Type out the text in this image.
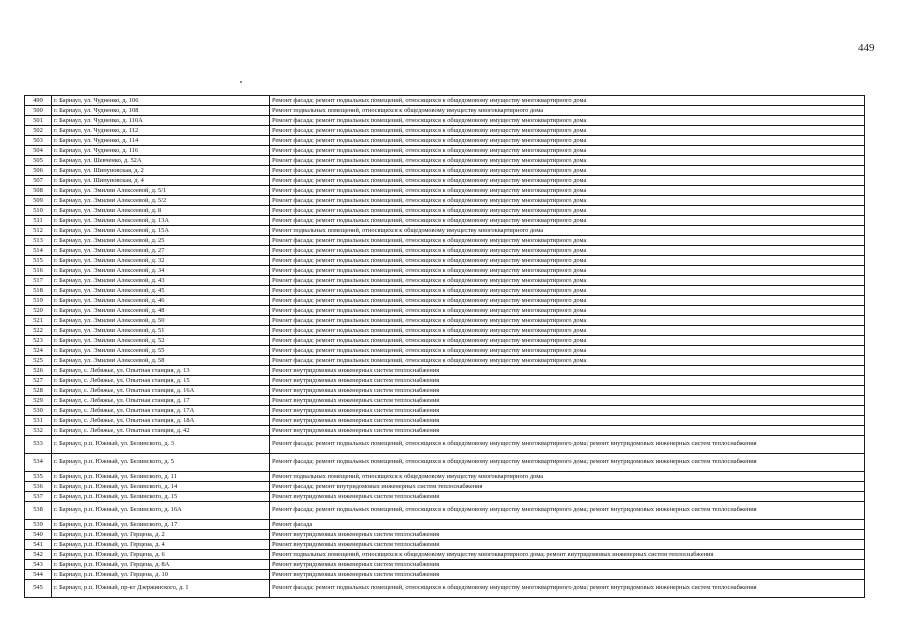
449
499	г. Барнаул, ул. Чудненко, д. 106	Ремонт фасада; ремонт подвальных помещений, относящихся к общедомовому имуществу многоквартирного дома
500	г. Барнаул, ул. Чудненко, д. 108	Ремонт подвальных помещений, относящихся к общедомовому имуществу многоквартирного дома
501	г. Барнаул, ул. Чудненко, д. 110А	Ремонт фасада; ремонт подвальных помещений, относящихся к общедомовому имуществу многоквартирного дома
502	г. Барнаул, ул. Чудненко, д. 112	Ремонт фасада; ремонт подвальных помещений, относящихся к общедомовому имуществу многоквартирного дома
503	г. Барнаул, ул. Чудненко, д. 114	Ремонт фасада; ремонт подвальных помещений, относящихся к общедомовому имуществу многоквартирного дома
504	г. Барнаул, ул. Чудненко, д. 116	Ремонт фасада; ремонт подвальных помещений, относящихся к общедомовому имуществу многоквартирного дома
505	г. Барнаул, ул. Шевченко, д. 52А	Ремонт фасада; ремонт подвальных помещений, относящихся к общедомовому имуществу многоквартирного дома
506	г. Барнаул, ул. Шипуновская, д. 2	Ремонт фасада; ремонт подвальных помещений, относящихся к общедомовому имуществу многоквартирного дома
507	г. Барнаул, ул. Шипуновская, д. 4	Ремонт фасада; ремонт подвальных помещений, относящихся к общедомовому имуществу многоквартирного дома
508	г. Барнаул, ул. Эмилии Алексеевой, д. 5/1	Ремонт фасада; ремонт подвальных помещений, относящихся к общедомовому имуществу многоквартирного дома
509	г. Барнаул, ул. Эмилии Алексеевой, д. 5/2	Ремонт фасада; ремонт подвальных помещений, относящихся к общедомовому имуществу многоквартирного дома
510	г. Барнаул, ул. Эмилии Алексеевой, д. 8	Ремонт фасада; ремонт подвальных помещений, относящихся к общедомовому имуществу многоквартирного дома
511	г. Барнаул, ул. Эмилии Алексеевой, д. 13А	Ремонт фасада; ремонт подвальных помещений, относящихся к общедомовому имуществу многоквартирного дома
512	г. Барнаул, ул. Эмилии Алексеевой, д. 15А	Ремонт подвальных помещений, относящихся к общедомовому имуществу многоквартирного дома
513	г. Барнаул, ул. Эмилии Алексеевой, д. 25	Ремонт фасада; ремонт подвальных помещений, относящихся к общедомовому имуществу многоквартирного дома
514	г. Барнаул, ул. Эмилии Алексеевой, д. 27	Ремонт фасада; ремонт подвальных помещений, относящихся к общедомовому имуществу многоквартирного дома
515	г. Барнаул, ул. Эмилии Алексеевой, д. 32	Ремонт фасада; ремонт подвальных помещений, относящихся к общедомовому имуществу многоквартирного дома
516	г. Барнаул, ул. Эмилии Алексеевой, д. 34	Ремонт фасада; ремонт подвальных помещений, относящихся к общедомовому имуществу многоквартирного дома
517	г. Барнаул, ул. Эмилии Алексеевой, д. 43	Ремонт фасада; ремонт подвальных помещений, относящихся к общедомовому имуществу многоквартирного дома
518	г. Барнаул, ул. Эмилии Алексеевой, д. 45	Ремонт фасада; ремонт подвальных помещений, относящихся к общедомовому имуществу многоквартирного дома
519	г. Барнаул, ул. Эмилии Алексеевой, д. 46	Ремонт фасада; ремонт подвальных помещений, относящихся к общедомовому имуществу многоквартирного дома
520	г. Барнаул, ул. Эмилии Алексеевой, д. 48	Ремонт фасада; ремонт подвальных помещений, относящихся к общедомовому имуществу многоквартирного дома
521	г. Барнаул, ул. Эмилии Алексеевой, д. 50	Ремонт фасада; ремонт подвальных помещений, относящихся к общедомовому имуществу многоквартирного дома
522	г. Барнаул, ул. Эмилии Алексеевой, д. 51	Ремонт фасада; ремонт подвальных помещений, относящихся к общедомовому имуществу многоквартирного дома
523	г. Барнаул, ул. Эмилии Алексеевой, д. 52	Ремонт фасада; ремонт подвальных помещений, относящихся к общедомовому имуществу многоквартирного дома
524	г. Барнаул, ул. Эмилии Алексеевой, д. 55	Ремонт фасада; ремонт подвальных помещений, относящихся к общедомовому имуществу многоквартирного дома
525	г. Барнаул, ул. Эмилии Алексеевой, д. 58	Ремонт фасада; ремонт подвальных помещений, относящихся к общедомовому имуществу многоквартирного дома
526	г. Барнаул, с. Лебяжье, ул. Опытная станция, д. 13	Ремонт внутридомовых инженерных систем теплоснабжения
527	г. Барнаул, с. Лебяжье, ул. Опытная станция, д. 15	Ремонт внутридомовых инженерных систем теплоснабжения
528	г. Барнаул, с. Лебяжье, ул. Опытная станция, д. 16А	Ремонт внутридомовых инженерных систем теплоснабжения
529	г. Барнаул, с. Лебяжье, ул. Опытная станция, д. 17	Ремонт внутридомовых инженерных систем теплоснабжения
530	г. Барнаул, с. Лебяжье, ул. Опытная станция, д. 17А	Ремонт внутридомовых инженерных систем теплоснабжения
531	г. Барнаул, с. Лебяжье, ул. Опытная станция, д. 18А	Ремонт внутридомовых инженерных систем теплоснабжения
532	г. Барнаул, с. Лебяжье, ул. Опытная станция, д. 42	Ремонт внутридомовых инженерных систем теплоснабжения
533	г. Барнаул, р.п. Южный, ул. Белинского, д. 3	Ремонт фасада; ремонт подвальных помещений, относящихся к общедомовому имуществу многоквартирного дома; ремонт внутридомовых инженерных систем теплоснабжения
534	г. Барнаул, р.п. Южный, ул. Белинского, д. 5	Ремонт фасада; ремонт подвальных помещений, относящихся к общедомовому имуществу многоквартирного дома; ремонт внутридомовых инженерных систем теплоснабжения
535	г. Барнаул, р.п. Южный, ул. Белинского, д. 11	Ремонт подвальных помещений, относящихся к общедомовому имуществу многоквартирного дома
536	г. Барнаул, р.п. Южный, ул. Белинского, д. 14	Ремонт фасада; ремонт внутридомовых инженерных систем теплоснабжения
537	г. Барнаул, р.п. Южный, ул. Белинского, д. 15	Ремонт внутридомовых инженерных систем теплоснабжения
538	г. Барнаул, р.п. Южный, ул. Белинского, д. 16А	Ремонт фасада; ремонт подвальных помещений, относящихся к общедомовому имуществу многоквартирного дома; ремонт внутридомовых инженерных систем теплоснабжения
539	г. Барнаул, р.п. Южный, ул. Белинского, д. 17	Ремонт фасада
540	г. Барнаул, р.п. Южный, ул. Герцена, д. 2	Ремонт внутридомовых инженерных систем теплоснабжения
541	г. Барнаул, р.п. Южный, ул. Герцена, д. 4	Ремонт внутридомовых инженерных систем теплоснабжения
542	г. Барнаул, р.п. Южный, ул. Герцена, д. 6	Ремонт подвальных помещений, относящихся к общедомовому имуществу многоквартирного дома; ремонт внутридомовых инженерных систем теплоснабжения
543	г. Барнаул, р.п. Южный, ул. Герцена, д. 8А	Ремонт внутридомовых инженерных систем теплоснабжения
544	г. Барнаул, р.п. Южный, ул. Герцена, д. 10	Ремонт внутридомовых инженерных систем теплоснабжения
545	г. Барнаул, р.п. Южный, пр-кт Дзержинского, д. 1	Ремонт фасада; ремонт подвальных помещений, относящихся к общедомовому имуществу многоквартирного дома; ремонт внутридомовых инженерных систем теплоснабжения
